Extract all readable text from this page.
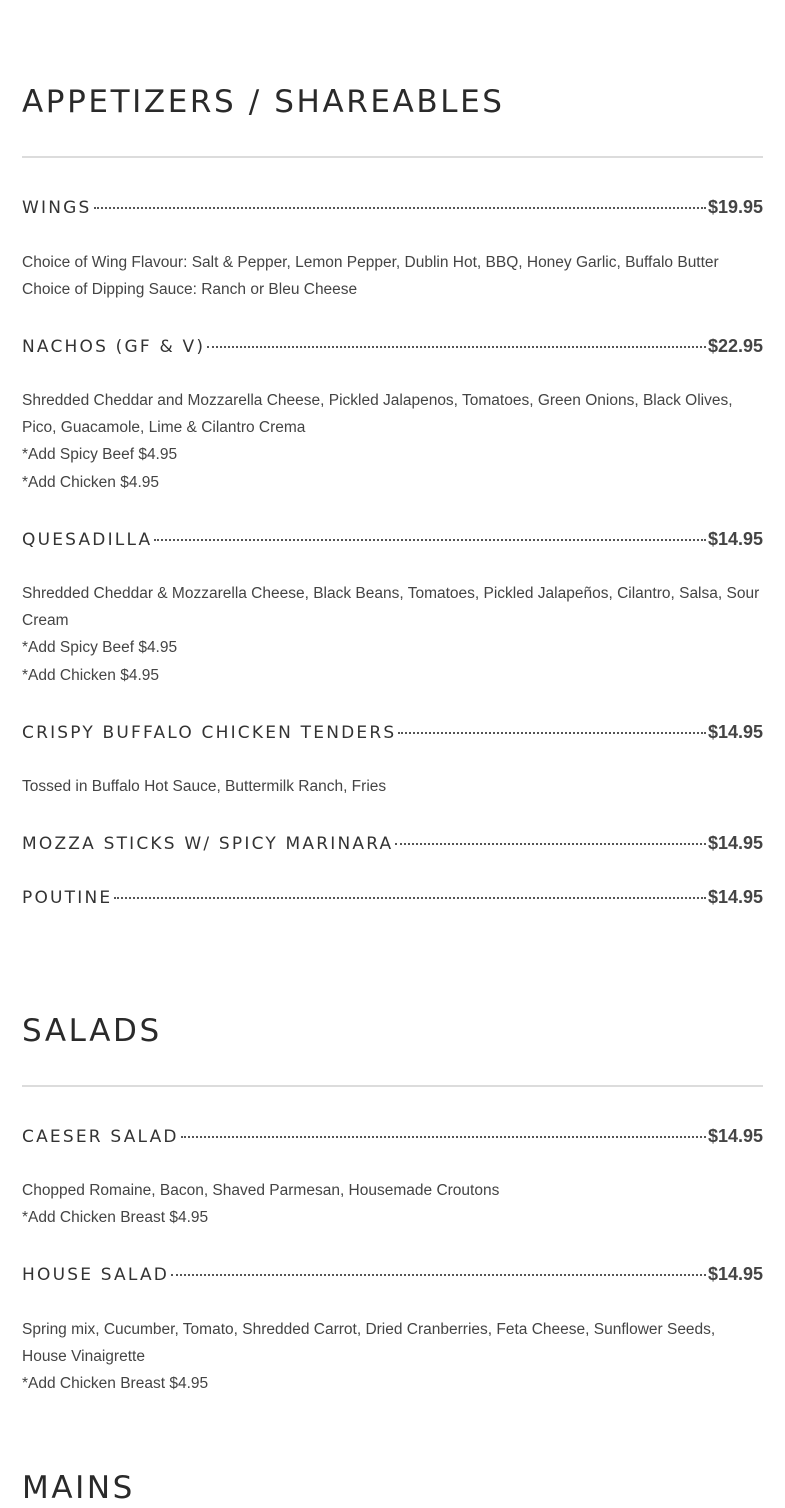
APPETIZERS / SHAREABLES
WINGS	$19.95
Choice of Wing Flavour: Salt & Pepper, Lemon Pepper, Dublin Hot, BBQ, Honey Garlic, Buffalo Butter
Choice of Dipping Sauce: Ranch or Bleu Cheese
NACHOS (GF & V)	$22.95
Shredded Cheddar and Mozzarella Cheese, Pickled Jalapenos, Tomatoes, Green Onions, Black Olives, Pico, Guacamole, Lime & Cilantro Crema
*Add Spicy Beef $4.95
*Add Chicken $4.95
QUESADILLA	$14.95
Shredded Cheddar & Mozzarella Cheese, Black Beans, Tomatoes, Pickled Jalapeños, Cilantro, Salsa, Sour Cream
*Add Spicy Beef $4.95
*Add Chicken $4.95
CRISPY BUFFALO CHICKEN TENDERS	$14.95
Tossed in Buffalo Hot Sauce, Buttermilk Ranch, Fries
MOZZA STICKS W/ SPICY MARINARA	$14.95
POUTINE	$14.95
SALADS
CAESER SALAD	$14.95
Chopped Romaine, Bacon, Shaved Parmesan, Housemade Croutons
*Add Chicken Breast $4.95
HOUSE SALAD	$14.95
Spring mix, Cucumber, Tomato, Shredded Carrot, Dried Cranberries, Feta Cheese, Sunflower Seeds, House Vinaigrette
*Add Chicken Breast $4.95
MAINS
